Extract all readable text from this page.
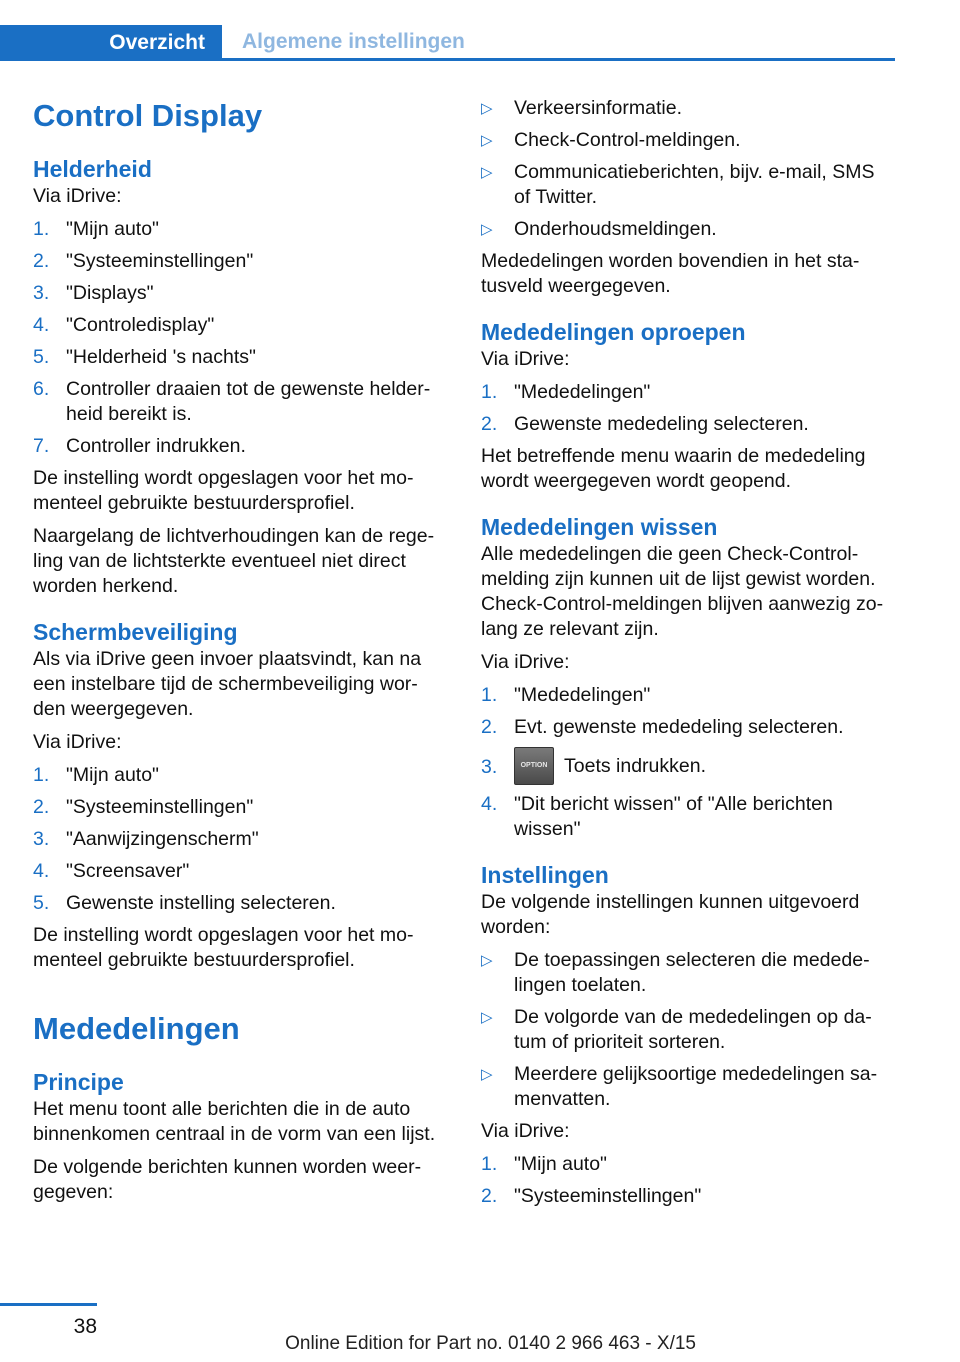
Overzicht	Algemene instellingen
Control Display
Helderheid

Via iDrive:

1. "Mijn auto"
2. "Systeeminstellingen"
3. "Displays"
4. "Controledisplay"
5. "Helderheid 's nachts"
6. Controller draaien tot de gewenste helder-heid bereikt is.
7. Controller indrukken.

De instelling wordt opgeslagen voor het mo-menteel gebruikte bestuurdersprofiel.

Naargelang de lichtverhoudingen kan de rege-ling van de lichtsterkte eventueel niet direct worden herkend.

Schermbeveiliging

Als via iDrive geen invoer plaatsvindt, kan na een instelbare tijd de schermbeveiliging wor-den weergegeven.

Via iDrive:

1. "Mijn auto"
2. "Systeeminstellingen"
3. "Aanwijzingenscherm"
4. "Screensaver"
5. Gewenste instelling selecteren.

De instelling wordt opgeslagen voor het mo-menteel gebruikte bestuurdersprofiel.

Mededelingen
Principe

Het menu toont alle berichten die in de auto binnenkomen centraal in de vorm van een lijst.

De volgende berichten kunnen worden weer-gegeven:

▷	Verkeersinformatie.
▷	Check-Control-meldingen.
▷	Communicatieberichten, bijv. e-mail, SMS of Twitter.
▷	Onderhoudsmeldingen.

Mededelingen worden bovendien in het sta-tusveld weergegeven.

Mededelingen oproepen

Via iDrive:

1. "Mededelingen"
2. Gewenste mededeling selecteren.

Het betreffende menu waarin de mededeling wordt weergegeven wordt geopend.

Mededelingen wissen

Alle mededelingen die geen Check-Control-melding zijn kunnen uit de lijst gewist worden. Check-Control-meldingen blijven aanwezig zo-lang ze relevant zijn.

Via iDrive:

1. "Mededelingen"
2. Evt. gewenste mededeling selecteren.
3.	OPTION Toets indrukken.
4. "Dit bericht wissen" of "Alle berichten wissen"
Instellingen

De volgende instellingen kunnen uitgevoerd worden:

▷	De toepassingen selecteren die mededе-lingen toelaten.
▷	De volgorde van de mededelingen op da-tum of prioriteit sorteren.
▷	Meerdere gelijksoortige mededelingen sa-menvatten.

Via iDrive:

1. "Mijn auto"
2. "Systeeminstellingen"
38
Online Edition for Part no. 0140 2 966 463 - X/15
